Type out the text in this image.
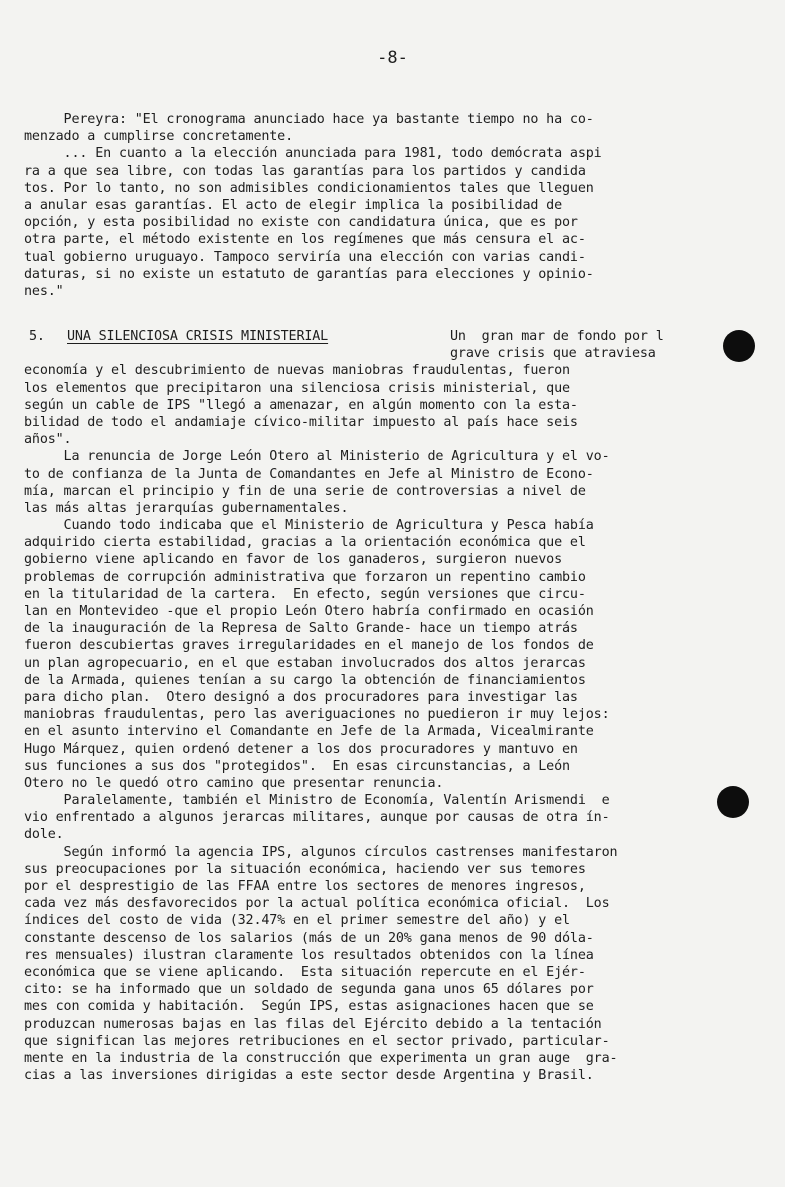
-8-
Pereyra: "El cronograma anunciado hace ya bastante tiempo no ha co-
menzado a cumplirse concretamente.
... En cuanto a la elección anunciada para 1981, todo demócrata aspi
ra a que sea libre, con todas las garantías para los partidos y candida
tos. Por lo tanto, no son admisibles condicionamientos tales que lleguen
a anular esas garantías. El acto de elegir implica la posibilidad de
opción, y esta posibilidad no existe con candidatura única, que es por
otra parte, el método existente en los regímenes que más censura el ac-
tual gobierno uruguayo. Tampoco serviría una elección con varias candi-
daturas, si no existe un estatuto de garantías para elecciones y opinio-
nes."
5. UNA SILENCIOSA CRISIS MINISTERIAL	Un  gran mar de fondo por l
grave crisis que atraviesa
economía y el descubrimiento de nuevas maniobras fraudulentas, fueron
los elementos que precipitaron una silenciosa crisis ministerial, que
según un cable de IPS "llegó a amenazar, en algún momento con la esta-
bilidad de todo el andamiaje cívico-militar impuesto al país hace seis
años".
La renuncia de Jorge León Otero al Ministerio de Agricultura y el vo-
to de confianza de la Junta de Comandantes en Jefe al Ministro de Econo-
mía, marcan el principio y fin de una serie de controversias a nivel de
las más altas jerarquías gubernamentales.
Cuando todo indicaba que el Ministerio de Agricultura y Pesca había
adquirido cierta estabilidad, gracias a la orientación económica que el
gobierno viene aplicando en favor de los ganaderos, surgieron nuevos
problemas de corrupción administrativa que forzaron un repentino cambio
en la titularidad de la cartera.  En efecto, según versiones que circu-
lan en Montevideo -que el propio León Otero habría confirmado en ocasión
de la inauguración de la Represa de Salto Grande- hace un tiempo atrás
fueron descubiertas graves irregularidades en el manejo de los fondos de
un plan agropecuario, en el que estaban involucrados dos altos jerarcas
de la Armada, quienes tenían a su cargo la obtención de financiamientos
para dicho plan.  Otero designó a dos procuradores para investigar las
maniobras fraudulentas, pero las averiguaciones no puedieron ir muy lejos:
en el asunto intervino el Comandante en Jefe de la Armada, Vicealmirante
Hugo Márquez, quien ordenó detener a los dos procuradores y mantuvo en
sus funciones a sus dos "protegidos".  En esas circunstancias, a León
Otero no le quedó otro camino que presentar renuncia.
Paralelamente, también el Ministro de Economía, Valentín Arismendi  e
vio enfrentado a algunos jerarcas militares, aunque por causas de otra ín-
dole.
Según informó la agencia IPS, algunos círculos castrenses manifestaron
sus preocupaciones por la situación económica, haciendo ver sus temores
por el desprestigio de las FFAA entre los sectores de menores ingresos,
cada vez más desfavorecidos por la actual política económica oficial.  Los
índices del costo de vida (32.47% en el primer semestre del año) y el
constante descenso de los salarios (más de un 20% gana menos de 90 dóla-
res mensuales) ilustran claramente los resultados obtenidos con la línea
económica que se viene aplicando.  Esta situación repercute en el Ejér-
cito: se ha informado que un soldado de segunda gana unos 65 dólares por
mes con comida y habitación.  Según IPS, estas asignaciones hacen que se
produzcan numerosas bajas en las filas del Ejército debido a la tentación
que significan las mejores retribuciones en el sector privado, particular-
mente en la industria de la construcción que experimenta un gran auge  gra-
cias a las inversiones dirigidas a este sector desde Argentina y Brasil.
